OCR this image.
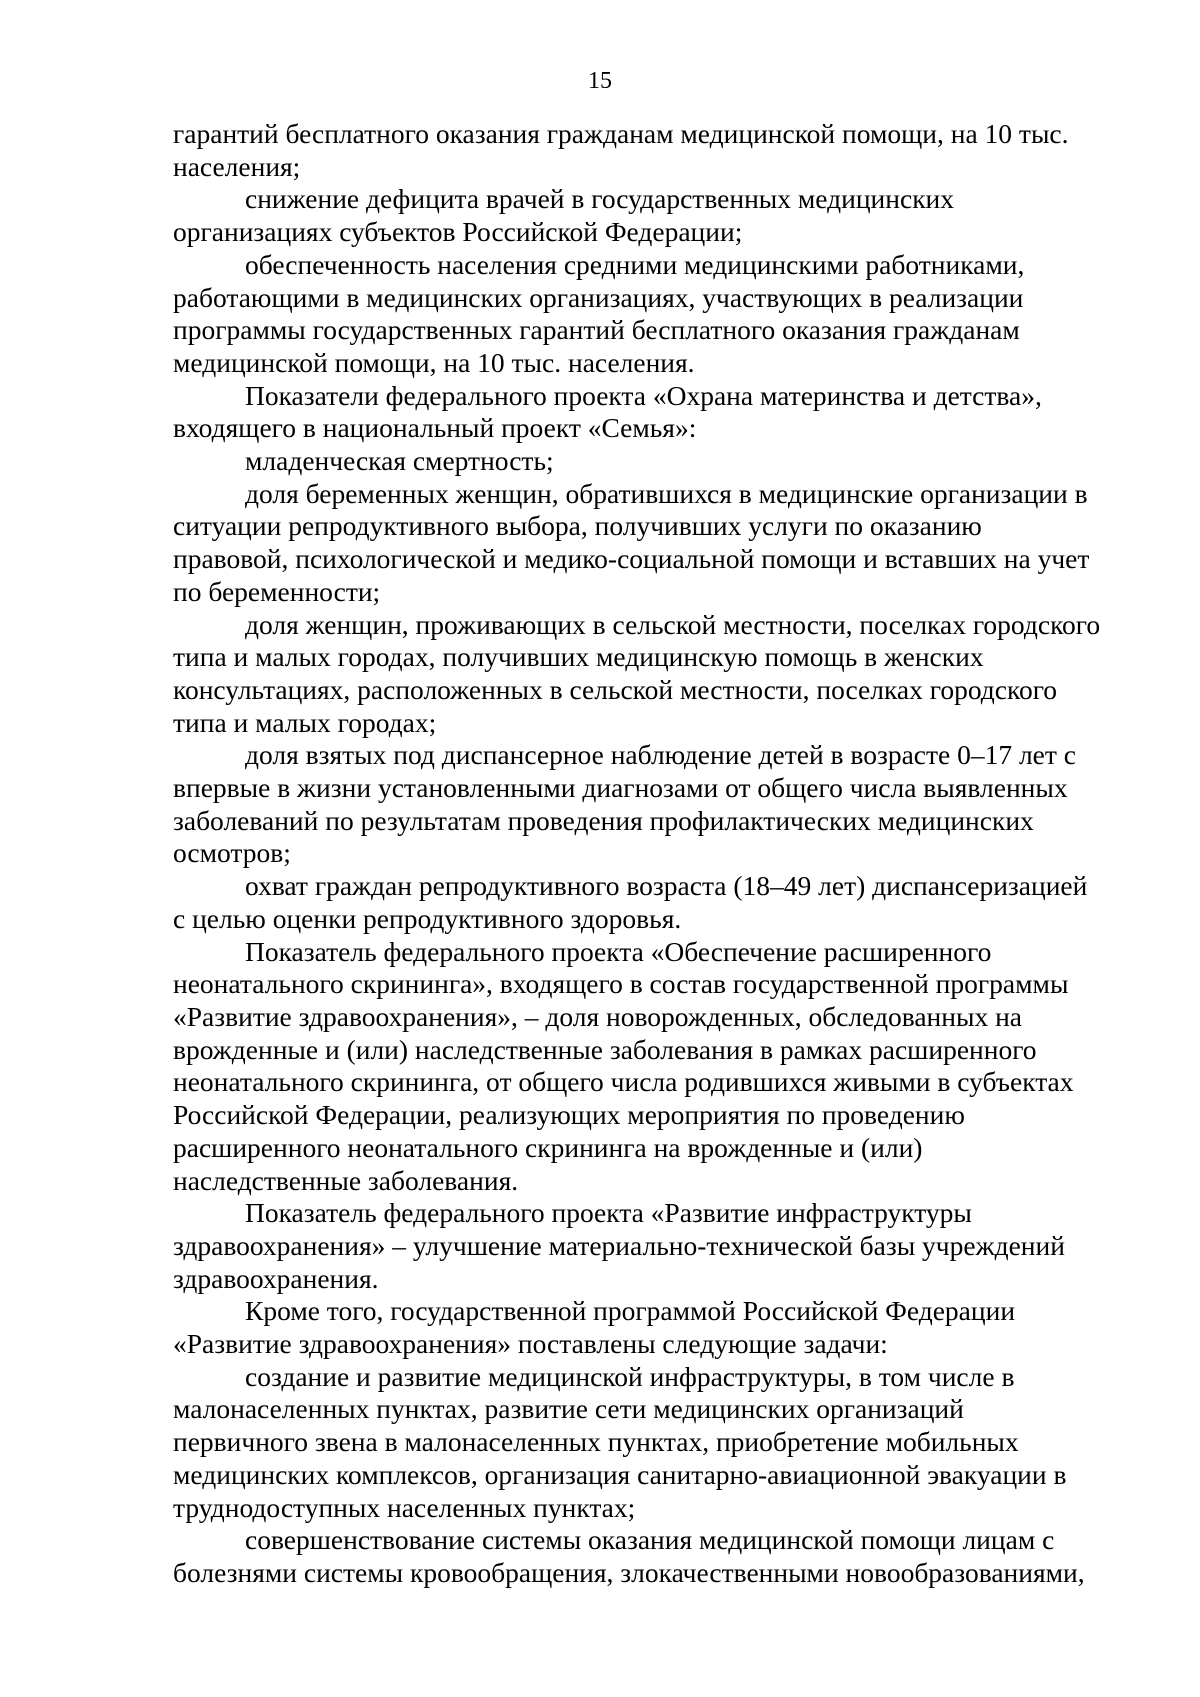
15

гарантий бесплатного оказания гражданам медицинской помощи, на 10 тыс.
населения;

снижение дефицита врачей в государственных медицинских
организациях субъектов Российской Федерации;

обеспеченность населения средними медицинскими работниками,
работающими в медицинских организациях, участвующих в реализации
программы государственных гарантий бесплатного оказания гражданам
медицинской помощи, на 10 тыс. населения.

Показатели федерального проекта «Охрана материнства и детства»,
входящего в национальный проект «Семья»:

младенческая смертность;

доля беременных женщин, обратившихся в медицинские организации в
ситуации репродуктивного выбора, получивших услуги по оказанию
правовой, психологической и медико-социальной помощи и вставших на учет
по беременности;

доля женщин, проживающих в сельской местности, поселках городского
типа и малых городах, получивших медицинскую помощь в женских
консультациях, расположенных в сельской местности, поселках городского
типа и малых городах;

доля взятых под диспансерное наблюдение детей в возрасте 0–17 лет с
впервые в жизни установленными диагнозами от общего числа выявленных
заболеваний по результатам проведения профилактических медицинских
осмотров;

охват граждан репродуктивного возраста (18–49 лет) диспансеризацией
с целью оценки репродуктивного здоровья.

Показатель федерального проекта «Обеспечение расширенного
неонатального скрининга», входящего в состав государственной программы
«Развитие здравоохранения», – доля новорожденных, обследованных на
врожденные и (или) наследственные заболевания в рамках расширенного
неонатального скрининга, от общего числа родившихся живыми в субъектах
Российской Федерации, реализующих мероприятия по проведению
расширенного неонатального скрининга на врожденные и (или)
наследственные заболевания.

Показатель федерального проекта «Развитие инфраструктуры
здравоохранения» – улучшение материально-технической базы учреждений
здравоохранения.

Кроме того, государственной программой Российской Федерации
«Развитие здравоохранения» поставлены следующие задачи:

создание и развитие медицинской инфраструктуры, в том числе в
малонаселенных пунктах, развитие сети медицинских организаций
первичного звена в малонаселенных пунктах, приобретение мобильных
медицинских комплексов, организация санитарно-авиационной эвакуации в
труднодоступных населенных пунктах;

совершенствование системы оказания медицинской помощи лицам с
болезнями системы кровообращения, злокачественными новообразованиями,
